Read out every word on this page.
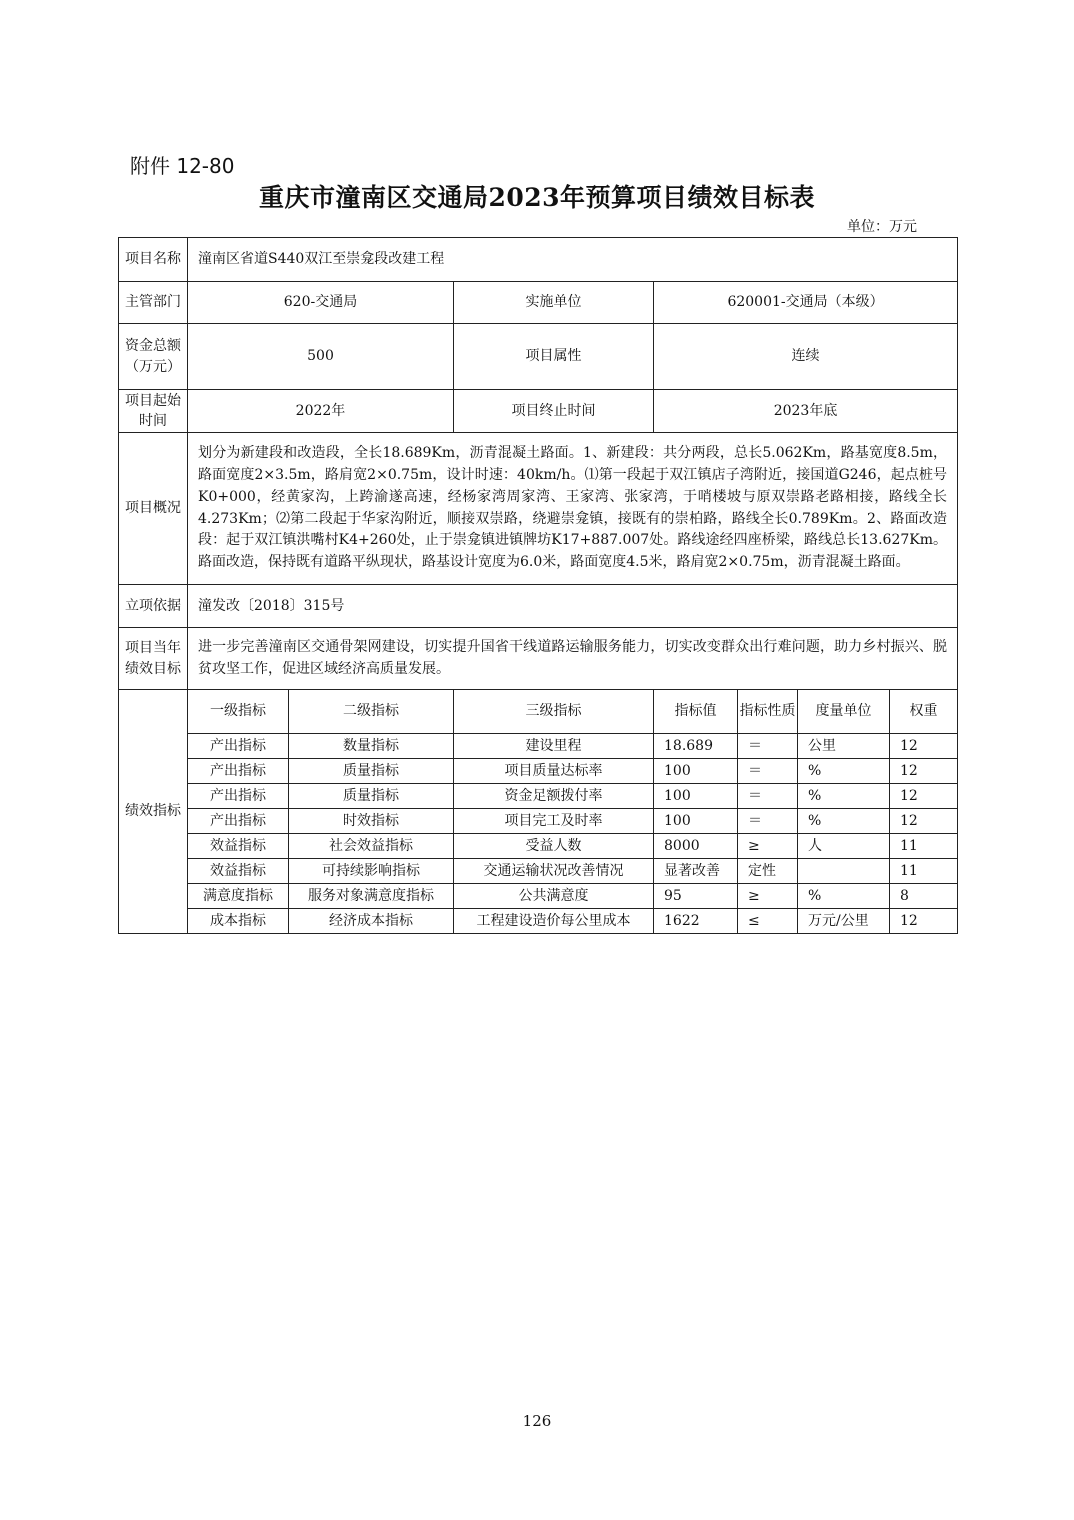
附件 12-80
重庆市潼南区交通局2023年预算项目绩效目标表
单位：万元
项目名称	潼南区省道S440双江至崇龛段改建工程						
主管部门	620-交通局		实施单位	620001-交通局（本级）			
资金总额（万元）	500		项目属性	连续			
项目起始时间	2022年		项目终止时间	2023年底			
项目概况	划分为新建段和改造段，全长18.689Km，沥青混凝土路面。1、新建段：共分两段，总长5.062Km，路基宽度8.5m，路面宽度2×3.5m，路肩宽2×0.75m，设计时速：40km/h。⑴第一段起于双江镇店子湾附近，接国道G246，起点桩号K0+000，经黄家沟，上跨渝遂高速，经杨家湾周家湾、王家湾、张家湾，于哨楼坡与原双崇路老路相接，路线全长4.273Km；⑵第二段起于华家沟附近，顺接双崇路，绕避崇龛镇，接既有的崇柏路，路线全长0.789Km。2、路面改造段：起于双江镇洪嘴村K4+260处，止于崇龛镇进镇牌坊K17+887.007处。路线途经四座桥梁，路线总长13.627Km。路面改造，保持既有道路平纵现状，路基设计宽度为6.0米，路面宽度4.5米，路肩宽2×0.75m，沥青混凝土路面。						
立项依据	潼发改〔2018〕315号						
项目当年绩效目标	进一步完善潼南区交通骨架网建设，切实提升国省干线道路运输服务能力，切实改变群众出行难问题，助力乡村振兴、脱贫攻坚工作，促进区域经济高质量发展。						
绩效指标	一级指标	二级指标	三级指标	指标值	指标性质	度量单位	权重
	产出指标	数量指标	建设里程	18.689	＝	公里	12
	产出指标	质量指标	项目质量达标率	100	＝	%	12
	产出指标	质量指标	资金足额拨付率	100	＝	%	12
	产出指标	时效指标	项目完工及时率	100	＝	%	12
	效益指标	社会效益指标	受益人数	8000	≥	人	11
	效益指标	可持续影响指标	交通运输状况改善情况	显著改善	定性		11
	满意度指标	服务对象满意度指标	公共满意度	95	≥	%	8
	成本指标	经济成本指标	工程建设造价每公里成本	1622	≤	万元/公里	12
126
